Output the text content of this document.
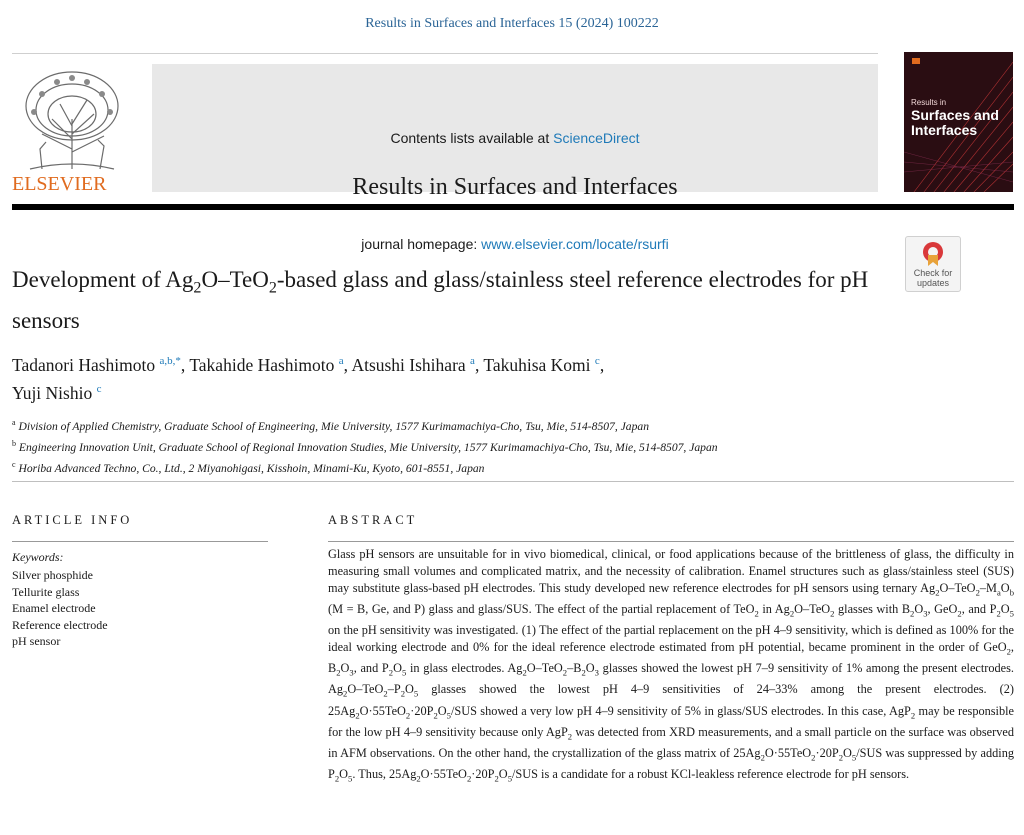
Results in Surfaces and Interfaces 15 (2024) 100222
ELSEVIER
Contents lists available at ScienceDirect
Results in Surfaces and Interfaces
journal homepage: www.elsevier.com/locate/rsurfi
Results in
Surfaces and Interfaces
Check for updates
Development of $Ag_2O-TeO_2$-based glass and glass/stainless steel reference electrodes for pH sensors
Tadanori Hashimoto $^{a,b,*}$, Takahide Hashimoto $^a$, Atsushi Ishihara $^a$, Takuhisa Komi $^c$,
Yuji Nishio $^c$
$^a$ Division of Applied Chemistry, Graduate School of Engineering, Mie University, 1577 Kurimamachiya-Cho, Tsu, Mie, 514-8507, Japan
$^b$ Engineering Innovation Unit, Graduate School of Regional Innovation Studies, Mie University, 1577 Kurimamachiya-Cho, Tsu, Mie, 514-8507, Japan
$^c$ Horiba Advanced Techno, Co., Ltd., 2 Miyanohigasi, Kisshoin, Minami-Ku, Kyoto, 601-8551, Japan
ARTICLE INFO	ABSTRACT
Keywords:
Silver phosphide
Tellurite glass
Enamel electrode
Reference electrode
pH sensor
Glass pH sensors are unsuitable for in vivo biomedical, clinical, or food applications because of the brittleness of glass, the difficulty in measuring small volumes and complicated matrix, and the necessity of calibration. Enamel structures such as glass/stainless steel (SUS) may substitute glass-based pH electrodes. This study developed new reference electrodes for pH sensors using ternary $Ag_2O-TeO_2-M_aO_b$ (M = B, Ge, and P) glass and glass/SUS. The effect of the partial replacement of TeO$_2$ in $Ag_2O-TeO_2$ glasses with $B_2O_3$, GeO$_2$, and $P_2O_5$ on the pH sensitivity was investigated. (1) The effect of the partial replacement on the pH 4–9 sensitivity, which is defined as 100% for the ideal working electrode and 0% for the ideal reference electrode estimated from pH potential, became prominent in the order of GeO$_2$, $B_2O_3$, and $P_2O_5$ in glass electrodes. $Ag_2O-TeO_2-B_2O_3$ glasses showed the lowest pH 7–9 sensitivity of 1% among the present electrodes. $Ag_2O-TeO_2-P_2O_5$ glasses showed the lowest pH 4–9 sensitivities of 24–33% among the present electrodes. (2) $25Ag_2O\cdot 55TeO_2\cdot 20P_2O_5$/SUS showed a very low pH 4–9 sensitivity of 5% in glass/SUS electrodes. In this case, AgP$_2$ may be responsible for the low pH 4–9 sensitivity because only AgP$_2$ was detected from XRD measurements, and a small particle on the surface was observed in AFM observations. On the other hand, the crystallization of the glass matrix of $25Ag_2O\cdot 55TeO_2\cdot 20P_2O_5$/SUS was suppressed by adding $P_2O_5$. Thus, $25Ag_2O\cdot 55TeO_2\cdot 20P_2O_5$/SUS is a candidate for a robust KCl-leakless reference electrode for pH sensors.
